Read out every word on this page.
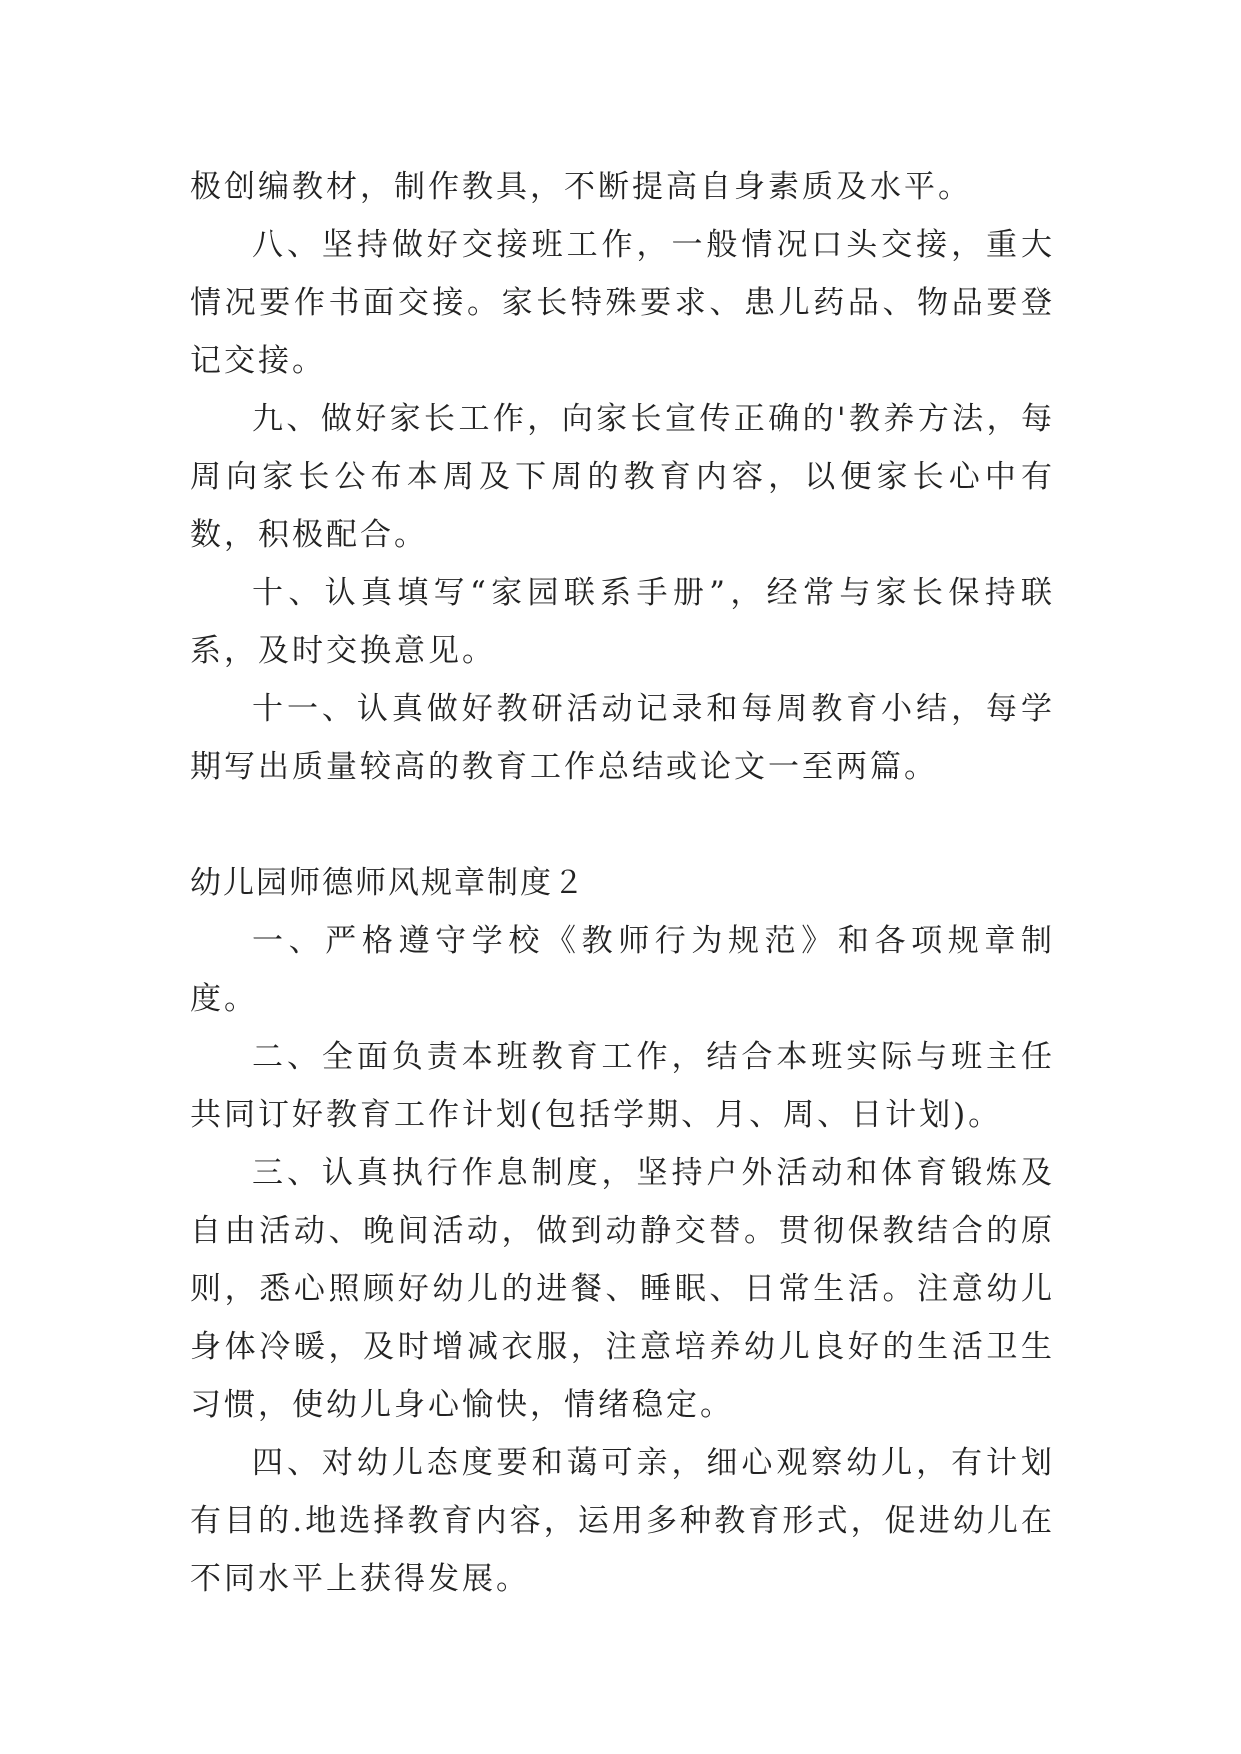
极创编教材，制作教具，不断提高自身素质及水平。

八、坚持做好交接班工作，一般情况口头交接，重大情况要作书面交接。家长特殊要求、患儿药品、物品要登记交接。

九、做好家长工作，向家长宣传正确的'教养方法，每周向家长公布本周及下周的教育内容，以便家长心中有数，积极配合。

十、认真填写“家园联系手册”，经常与家长保持联系，及时交换意见。

十一、认真做好教研活动记录和每周教育小结，每学期写出质量较高的教育工作总结或论文一至两篇。

幼儿园师德师风规章制度２

一、严格遵守学校《教师行为规范》和各项规章制度。

二、全面负责本班教育工作，结合本班实际与班主任共同订好教育工作计划(包括学期、月、周、日计划)。

三、认真执行作息制度，坚持户外活动和体育锻炼及自由活动、晚间活动，做到动静交替。贯彻保教结合的原则，悉心照顾好幼儿的进餐、睡眠、日常生活。注意幼儿身体冷暖，及时增减衣服，注意培养幼儿良好的生活卫生习惯，使幼儿身心愉快，情绪稳定。

四、对幼儿态度要和蔼可亲，细心观察幼儿，有计划有目的.地选择教育内容，运用多种教育形式，促进幼儿在不同水平上获得发展。
